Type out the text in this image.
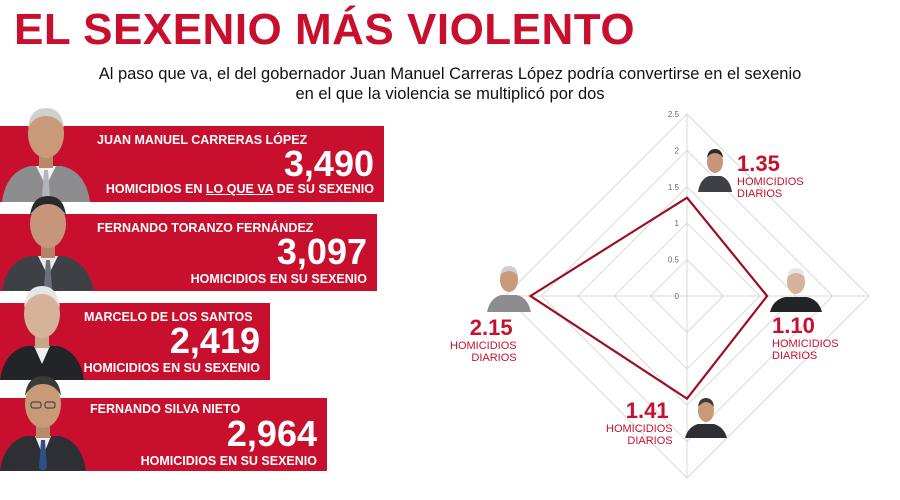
EL SEXENIO MÁS VIOLENTO
Al paso que va, el del gobernador Juan Manuel Carreras López podría convertirse en el sexenio
en el que la violencia se multiplicó por dos
JUAN MANUEL CARRERAS LÓPEZ
3,490
HOMICIDIOS EN LO QUE VA DE SU SEXENIO
FERNANDO TORANZO FERNÁNDEZ
3,097
HOMICIDIOS EN SU SEXENIO
MARCELO DE LOS SANTOS
2,419
HOMICIDIOS EN SU SEXENIO
FERNANDO SILVA NIETO
2,964
HOMICIDIOS EN SU SEXENIO
0
0.5
1
1.5
2
2.5
1.35
HOMICIDIOS
DIARIOS
1.10
HOMICIDIOS
DIARIOS
1.41
HOMICIDIOS
DIARIOS
2.15
HOMICIDIOS
DIARIOS
